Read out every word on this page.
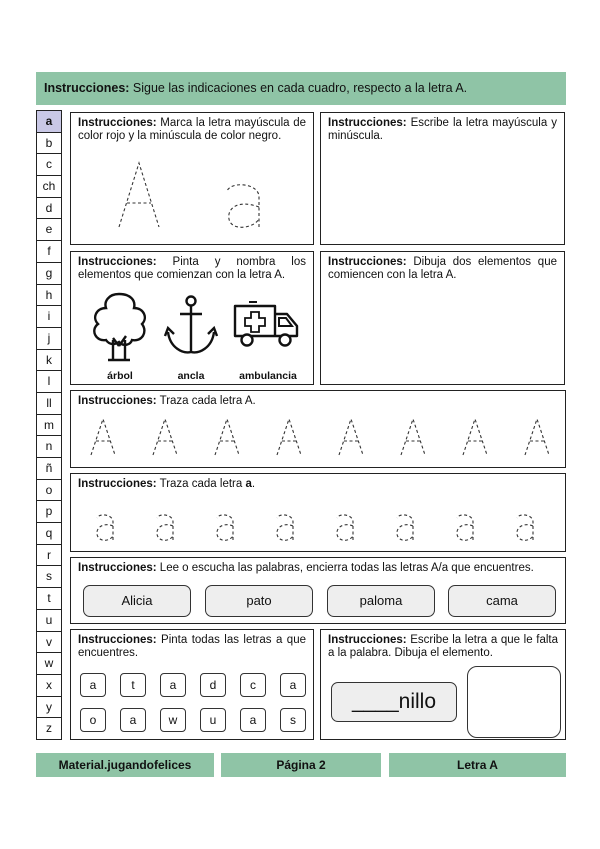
Instrucciones: Sigue las indicaciones en cada cuadro, respecto a la letra A.
a
b
c
ch
d
e
f
g
h
i
j
k
l
ll
m
n
ñ
o
p
q
r
s
t
u
v
w
x
y
z
Instrucciones: Marca la letra mayúscula de color rojo y la minúscula de color negro.
Instrucciones: Escribe la letra mayúscula y minúscula.
Instrucciones: Pinta y nombra los elementos que comienzan con la letra A.
árbol	ancla	ambulancia
Instrucciones: Dibuja dos elementos que comiencen con la letra A.
Instrucciones: Traza cada letra A.
Instrucciones: Traza cada letra a.
Instrucciones: Lee o escucha las palabras, encierra todas las letras A/a que encuentres.
Alicia	pato	paloma	cama
Instrucciones: Pinta todas las letras a que encuentres.
a	t	a	d	c	a
o	a	w	u	a	s
Instrucciones: Escribe la letra a que le falta a la palabra. Dibuja el elemento.
____nillo
Material.jugandofelices	Página 2	Letra A
